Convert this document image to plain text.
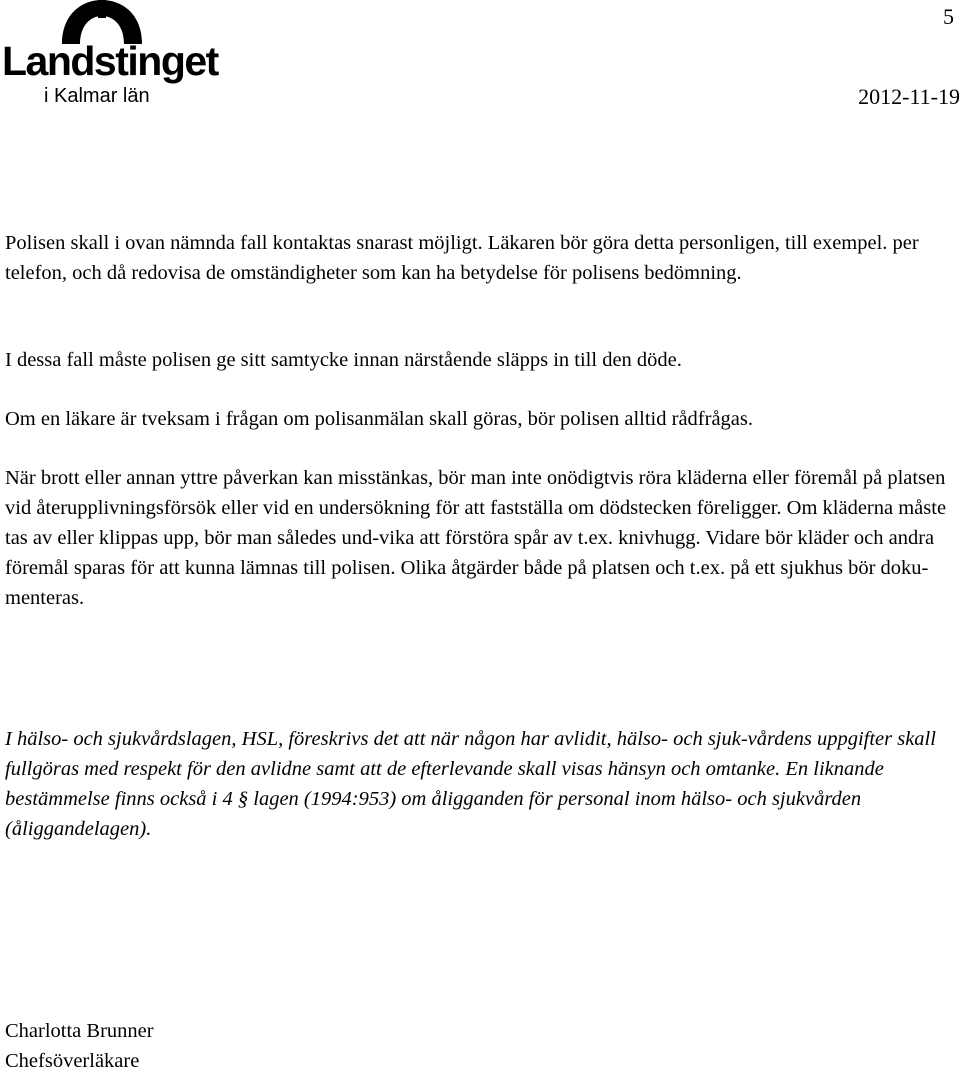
Landstinget
i Kalmar län
5
2012-11-19

Polisen skall i ovan nämnda fall kontaktas snarast möjligt. Läkaren bör göra detta personligen, till exempel. per telefon, och då redovisa de omständigheter som kan ha betydelse för polisens bedömning.

I dessa fall måste polisen ge sitt samtycke innan närstående släpps in till den döde.

Om en läkare är tveksam i frågan om polisanmälan skall göras, bör polisen alltid rådfrågas.

När brott eller annan yttre påverkan kan misstänkas, bör man inte onödigtvis röra kläderna eller föremål på platsen vid återupplivningsförsök eller vid en undersökning för att fastställa om dödstecken föreligger. Om kläderna måste tas av eller klippas upp, bör man således und-vika att förstöra spår av t.ex. knivhugg. Vidare bör kläder och andra föremål sparas för att kunna lämnas till polisen. Olika åtgärder både på platsen och t.ex. på ett sjukhus bör doku-menteras.

I hälso- och sjukvårdslagen, HSL, föreskrivs det att när någon har avlidit, hälso- och sjuk-vårdens uppgifter skall fullgöras med respekt för den avlidne samt att de efterlevande skall visas hänsyn och omtanke. En liknande bestämmelse finns också i 4 § lagen (1994:953) om åligganden för personal inom hälso- och sjukvården (åliggandelagen).

Charlotta Brunner
Chefsöverläkare
